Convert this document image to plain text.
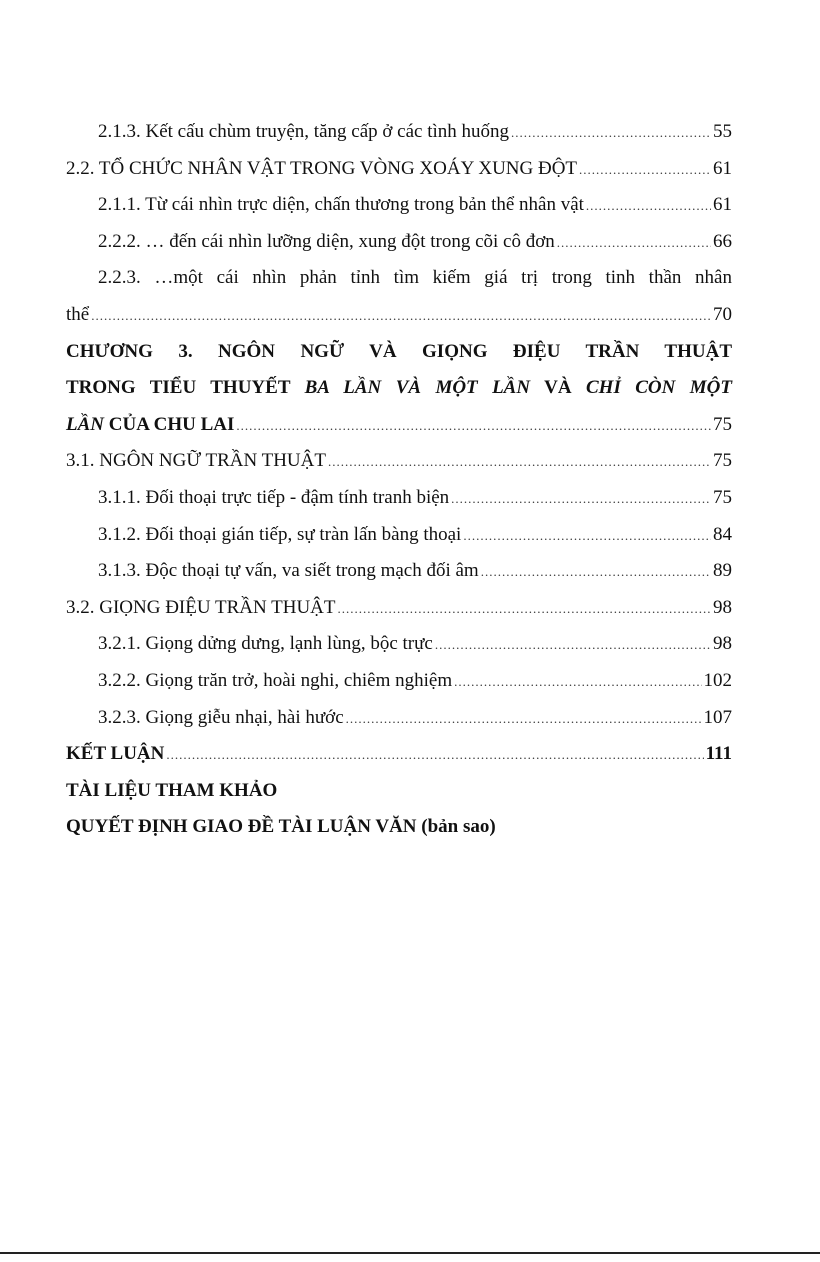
2.1.3. Kết cấu chùm truyện, tăng cấp ở các tình huống .....	55
2.2. TỔ CHỨC NHÂN VẬT TRONG VÒNG XOÁY XUNG ĐỘT .....	61
2.1.1. Từ cái nhìn trực diện, chấn thương trong bản thể nhân vật .....	61
2.2.2. … đến cái nhìn lưỡng diện, xung đột trong cõi cô đơn .....	66
2.2.3. …một cái nhìn phản tỉnh tìm kiếm giá trị trong tinh thần nhân
thể .....	70
CHƯƠNG 3. NGÔN NGỮ VÀ GIỌNG ĐIỆU TRẦN THUẬT
TRONG TIỂU THUYẾT BA LẦN VÀ MỘT LẦN VÀ CHỈ CÒN MỘT
LẦN CỦA CHU LAI .....	75
3.1. NGÔN NGỮ TRẦN THUẬT .....	75
3.1.1. Đối thoại trực tiếp - đậm tính tranh biện .....	75
3.1.2. Đối thoại gián tiếp, sự tràn lấn bàng thoại .....	84
3.1.3. Độc thoại tự vấn, va siết trong mạch đối âm .....	89
3.2. GIỌNG ĐIỆU TRẦN THUẬT .....	98
3.2.1. Giọng dửng dưng, lạnh lùng, bộc trực .....	98
3.2.2. Giọng trăn trở, hoài nghi, chiêm nghiệm .....	102
3.2.3. Giọng giễu nhại, hài hước .....	107
KẾT LUẬN .....	111
TÀI LIỆU THAM KHẢO
QUYẾT ĐỊNH GIAO ĐỀ TÀI LUẬN VĂN (bản sao)
